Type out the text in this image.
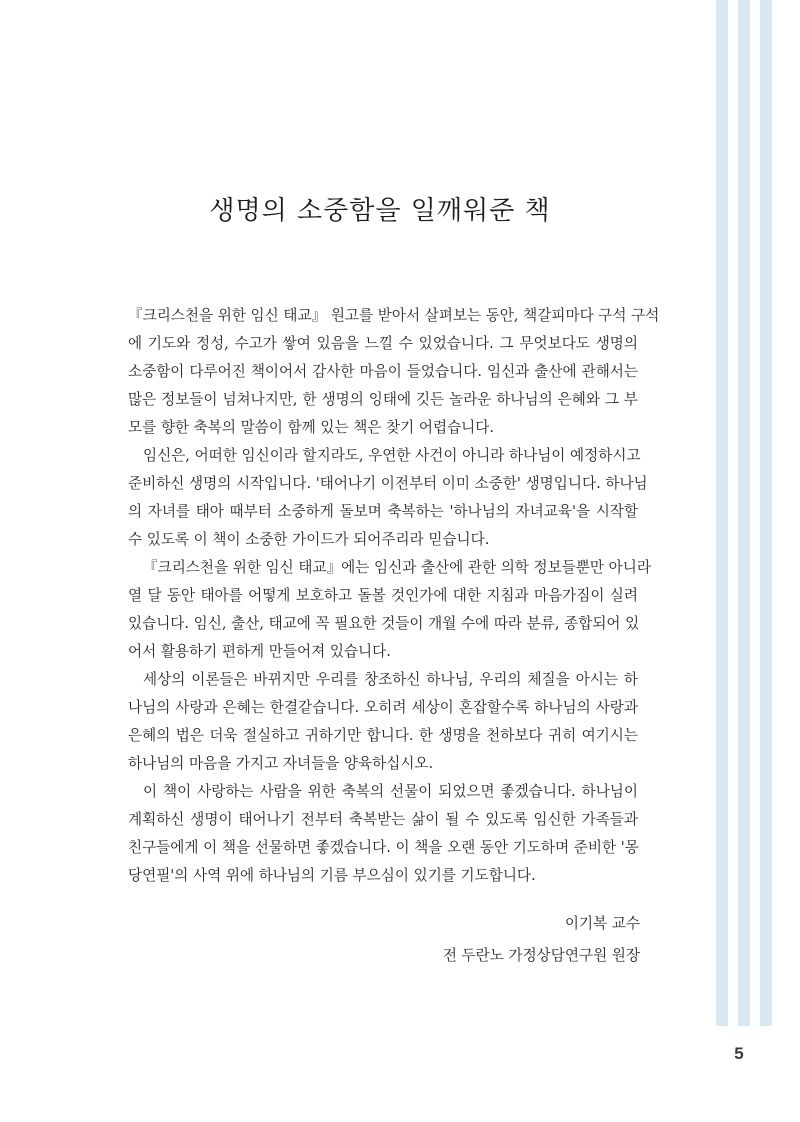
생명의 소중함을 일깨워준 책
『크리스천을 위한 임신 태교』 원고를 받아서 살펴보는 동안, 책갈피마다 구석 구석
에 기도와 정성, 수고가 쌓여 있음을 느낄 수 있었습니다. 그 무엇보다도 생명의
소중함이 다루어진 책이어서 감사한 마음이 들었습니다. 임신과 출산에 관해서는
많은 정보들이 넘쳐나지만, 한 생명의 잉태에 깃든 놀라운 하나님의 은혜와 그 부
모를 향한 축복의 말씀이 함께 있는 책은 찾기 어렵습니다.
임신은, 어떠한 임신이라 할지라도, 우연한 사건이 아니라 하나님이 예정하시고
준비하신 생명의 시작입니다. '태어나기 이전부터 이미 소중한' 생명입니다. 하나님
의 자녀를 태아 때부터 소중하게 돌보며 축복하는 '하나님의 자녀교육'을 시작할
수 있도록 이 책이 소중한 가이드가 되어주리라 믿습니다.
『크리스천을 위한 임신 태교』에는 임신과 출산에 관한 의학 정보들뿐만 아니라
열 달 동안 태아를 어떻게 보호하고 돌볼 것인가에 대한 지침과 마음가짐이 실려
있습니다. 임신, 출산, 태교에 꼭 필요한 것들이 개월 수에 따라 분류, 종합되어 있
어서 활용하기 편하게 만들어져 있습니다.
세상의 이론들은 바뀌지만 우리를 창조하신 하나님, 우리의 체질을 아시는 하
나님의 사랑과 은혜는 한결같습니다. 오히려 세상이 혼잡할수록 하나님의 사랑과
은혜의 법은 더욱 절실하고 귀하기만 합니다. 한 생명을 천하보다 귀히 여기시는
하나님의 마음을 가지고 자녀들을 양육하십시오.
이 책이 사랑하는 사람을 위한 축복의 선물이 되었으면 좋겠습니다. 하나님이
계획하신 생명이 태어나기 전부터 축복받는 삶이 될 수 있도록 임신한 가족들과
친구들에게 이 책을 선물하면 좋겠습니다. 이 책을 오랜 동안 기도하며 준비한 '몽
당연필'의 사역 위에 하나님의 기름 부으심이 있기를 기도합니다.
이기복 교수
전 두란노 가정상담연구원 원장
5
